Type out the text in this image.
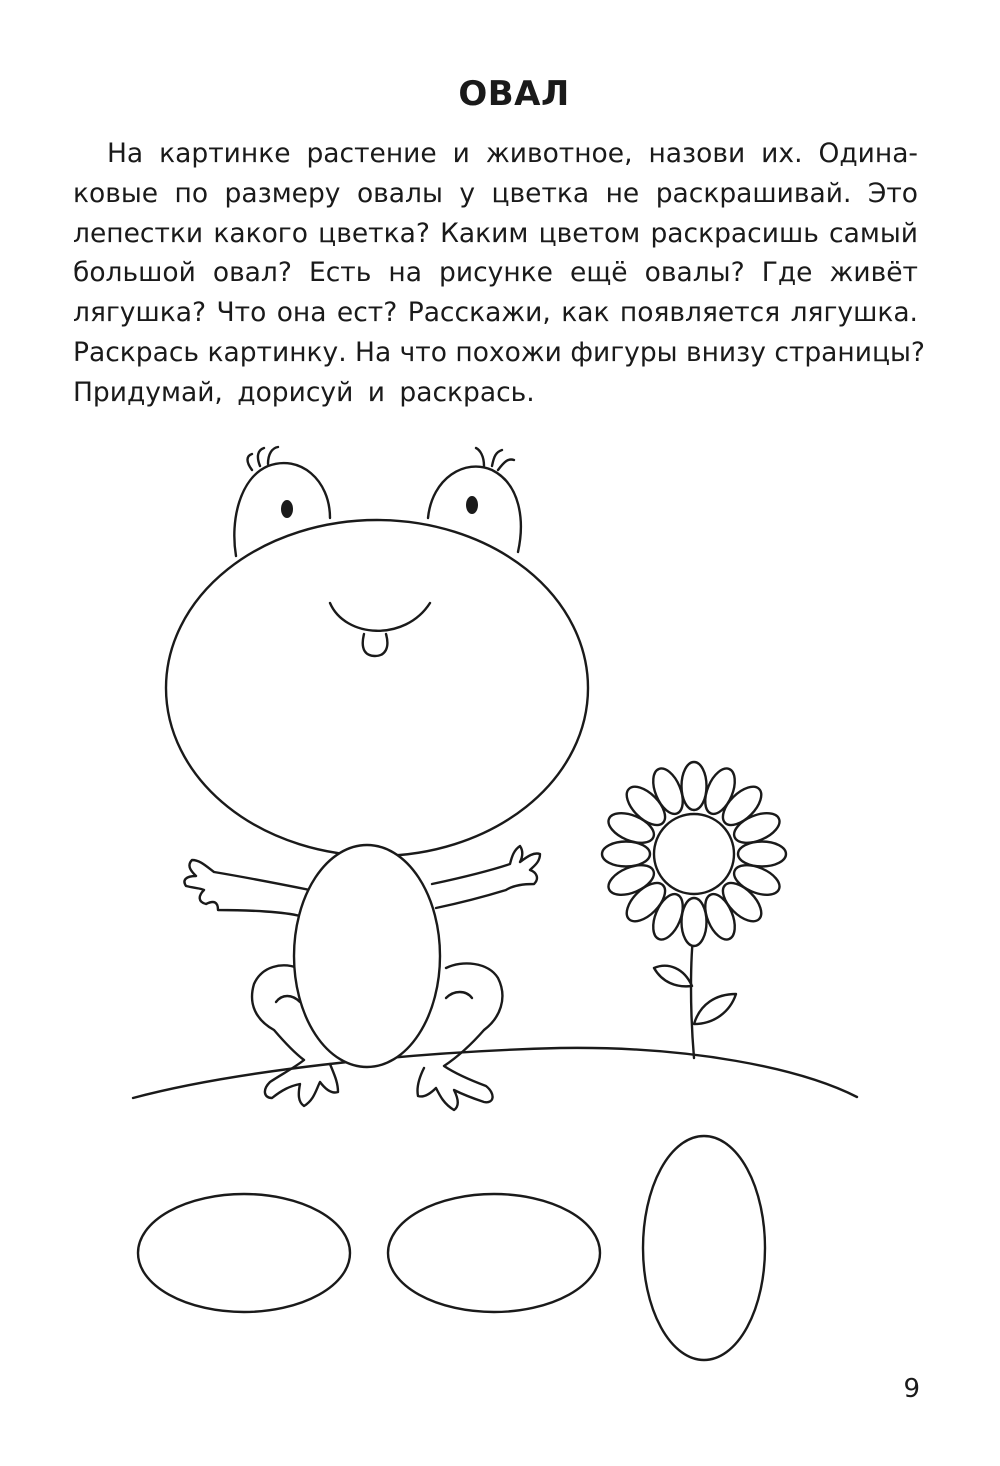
ОВАЛ
На картинке растение и животное, назови их. Одина-
ковые по размеру овалы у цветка не раскрашивай. Это
лепестки какого цветка? Каким цветом раскрасишь самый
большой овал? Есть на рисунке ещё овалы? Где живёт
лягушка? Что она ест? Расскажи, как появляется лягушка.
Раскрась картинку. На что похожи фигуры внизу страницы?
Придумай, дорисуй и раскрась.
9
